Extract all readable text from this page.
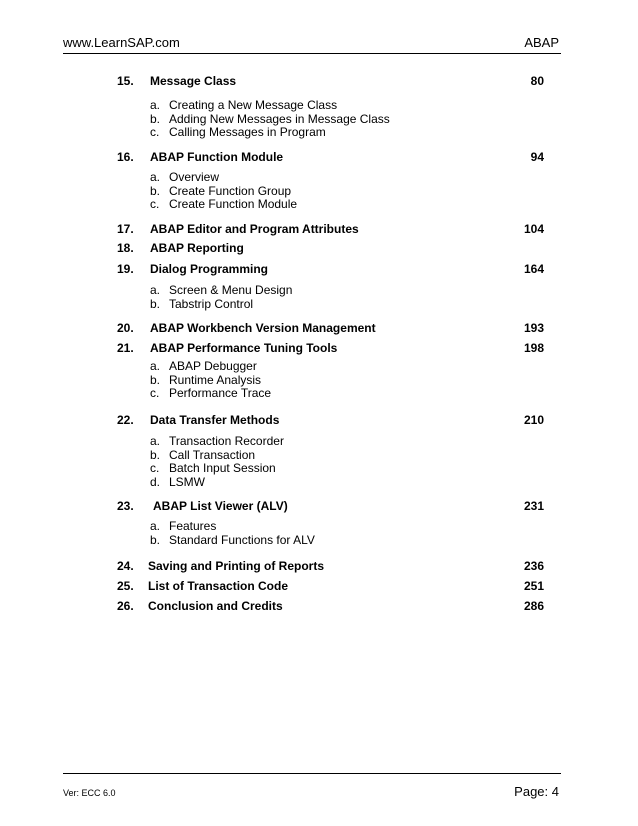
www.LearnSAP.com	ABAP
15.	Message Class	80
a. Creating a New Message Class
b. Adding New Messages in Message Class
c. Calling Messages in Program
16.	ABAP Function Module	94
a. Overview
b. Create Function Group
c. Create Function Module
17.	ABAP Editor and Program Attributes	104
18.	ABAP Reporting
19.	Dialog Programming	164
a. Screen & Menu Design
b. Tabstrip Control
20.	ABAP Workbench Version Management	193
21.	ABAP Performance Tuning Tools	198
a. ABAP Debugger
b. Runtime Analysis
c. Performance Trace
22.	Data Transfer Methods	210
a. Transaction Recorder
b. Call Transaction
c. Batch Input Session
d. LSMW
23.	ABAP List Viewer (ALV)	231
a. Features
b. Standard Functions for ALV
24.	Saving and Printing of Reports	236
25.	List of Transaction Code	251
26.	Conclusion and Credits	286
Ver: ECC 6.0	Page: 4
